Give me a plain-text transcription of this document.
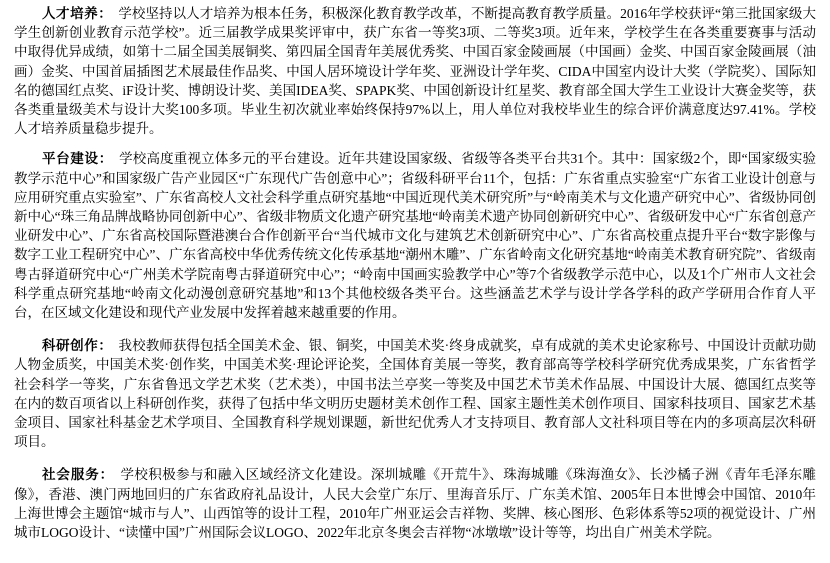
人才培养： 学校坚持以人才培养为根本任务，积极深化教育教学改革，不断提高教育教学质量。2016年学校获评“第三批国家级大学生创新创业教育示范学校”。近三届教学成果奖评审中，获广东省一等奖3项、二等奖3项。近年来，学校学生在各类重要赛事与活动中取得优异成绩，如第十二届全国美展铜奖、第四届全国青年美展优秀奖、中国百家金陵画展（中国画）金奖、中国百家金陵画展（油画）金奖、中国首届插图艺术展最佳作品奖、中国人居环境设计学年奖、亚洲设计学年奖、CIDA中国室内设计大奖（学院奖）、国际知名的德国红点奖、iF设计奖、博朗设计奖、美国IDEA奖、SPAPK奖、中国创新设计红星奖、教育部全国大学生工业设计大赛金奖等，获各类重量级美术与设计大奖100多项。毕业生初次就业率始终保持97%以上，用人单位对我校毕业生的综合评价满意度达97.41%。学校人才培养质量稳步提升。

平台建设： 学校高度重视立体多元的平台建设。近年共建设国家级、省级等各类平台共31个。其中：国家级2个，即“国家级实验教学示范中心”和国家级广告产业园区“广东现代广告创意中心”；省级科研平台11个，包括：广东省重点实验室“广东省工业设计创意与应用研究重点实验室”、广东省高校人文社会科学重点研究基地“中国近现代美术研究所”与“岭南美术与文化遗产研究中心”、省级协同创新中心“珠三角品牌战略协同创新中心”、省级非物质文化遗产研究基地“岭南美术遗产协同创新研究中心”、省级研发中心“广东省创意产业研发中心”、广东省高校国际暨港澳台合作创新平台“当代城市文化与建筑艺术创新研究中心”、广东省高校重点提升平台“数字影像与数字工业工程研究中心”、广东省高校中华优秀传统文化传承基地“潮州木雕”、广东省岭南文化研究基地“岭南美术教育研究院”、省级南粤古驿道研究中心“广州美术学院南粤古驿道研究中心”；“岭南中国画实验教学中心”等7个省级教学示范中心，以及1个广州市人文社会科学重点研究基地“岭南文化动漫创意研究基地”和13个其他校级各类平台。这些涵盖艺术学与设计学各学科的政产学研用合作育人平台，在区域文化建设和现代产业发展中发挥着越来越重要的作用。

科研创作： 我校教师获得包括全国美术金、银、铜奖，中国美术奖·终身成就奖，卓有成就的美术史论家称号、中国设计贡献功勋人物金质奖，中国美术奖·创作奖，中国美术奖·理论评论奖，全国体育美展一等奖，教育部高等学校科学研究优秀成果奖，广东省哲学社会科学一等奖，广东省鲁迅文学艺术奖（艺术类），中国书法兰亭奖一等奖及中国艺术节美术作品展、中国设计大展、德国红点奖等在内的数百项省以上科研创作奖，获得了包括中华文明历史题材美术创作工程、国家主题性美术创作项目、国家科技项目、国家艺术基金项目、国家社科基金艺术学项目、全国教育科学规划课题，新世纪优秀人才支持项目、教育部人文社科项目等在内的多项高层次科研项目。

社会服务： 学校积极参与和融入区域经济文化建设。深圳城雕《开荒牛》、珠海城雕《珠海渔女》、长沙橘子洲《青年毛泽东雕像》，香港、澳门两地回归的广东省政府礼品设计，人民大会堂广东厅、里海音乐厅、广东美术馆、2005年日本世博会中国馆、2010年上海世博会主题馆“城市与人”、山西馆等的设计工程，2010年广州亚运会吉祥物、奖牌、核心图形、色彩体系等52项的视觉设计、广州城市LOGO设计、“读懂中国”广州国际会议LOGO、2022年北京冬奥会吉祥物“冰墩墩”设计等等，均出自广州美术学院。
